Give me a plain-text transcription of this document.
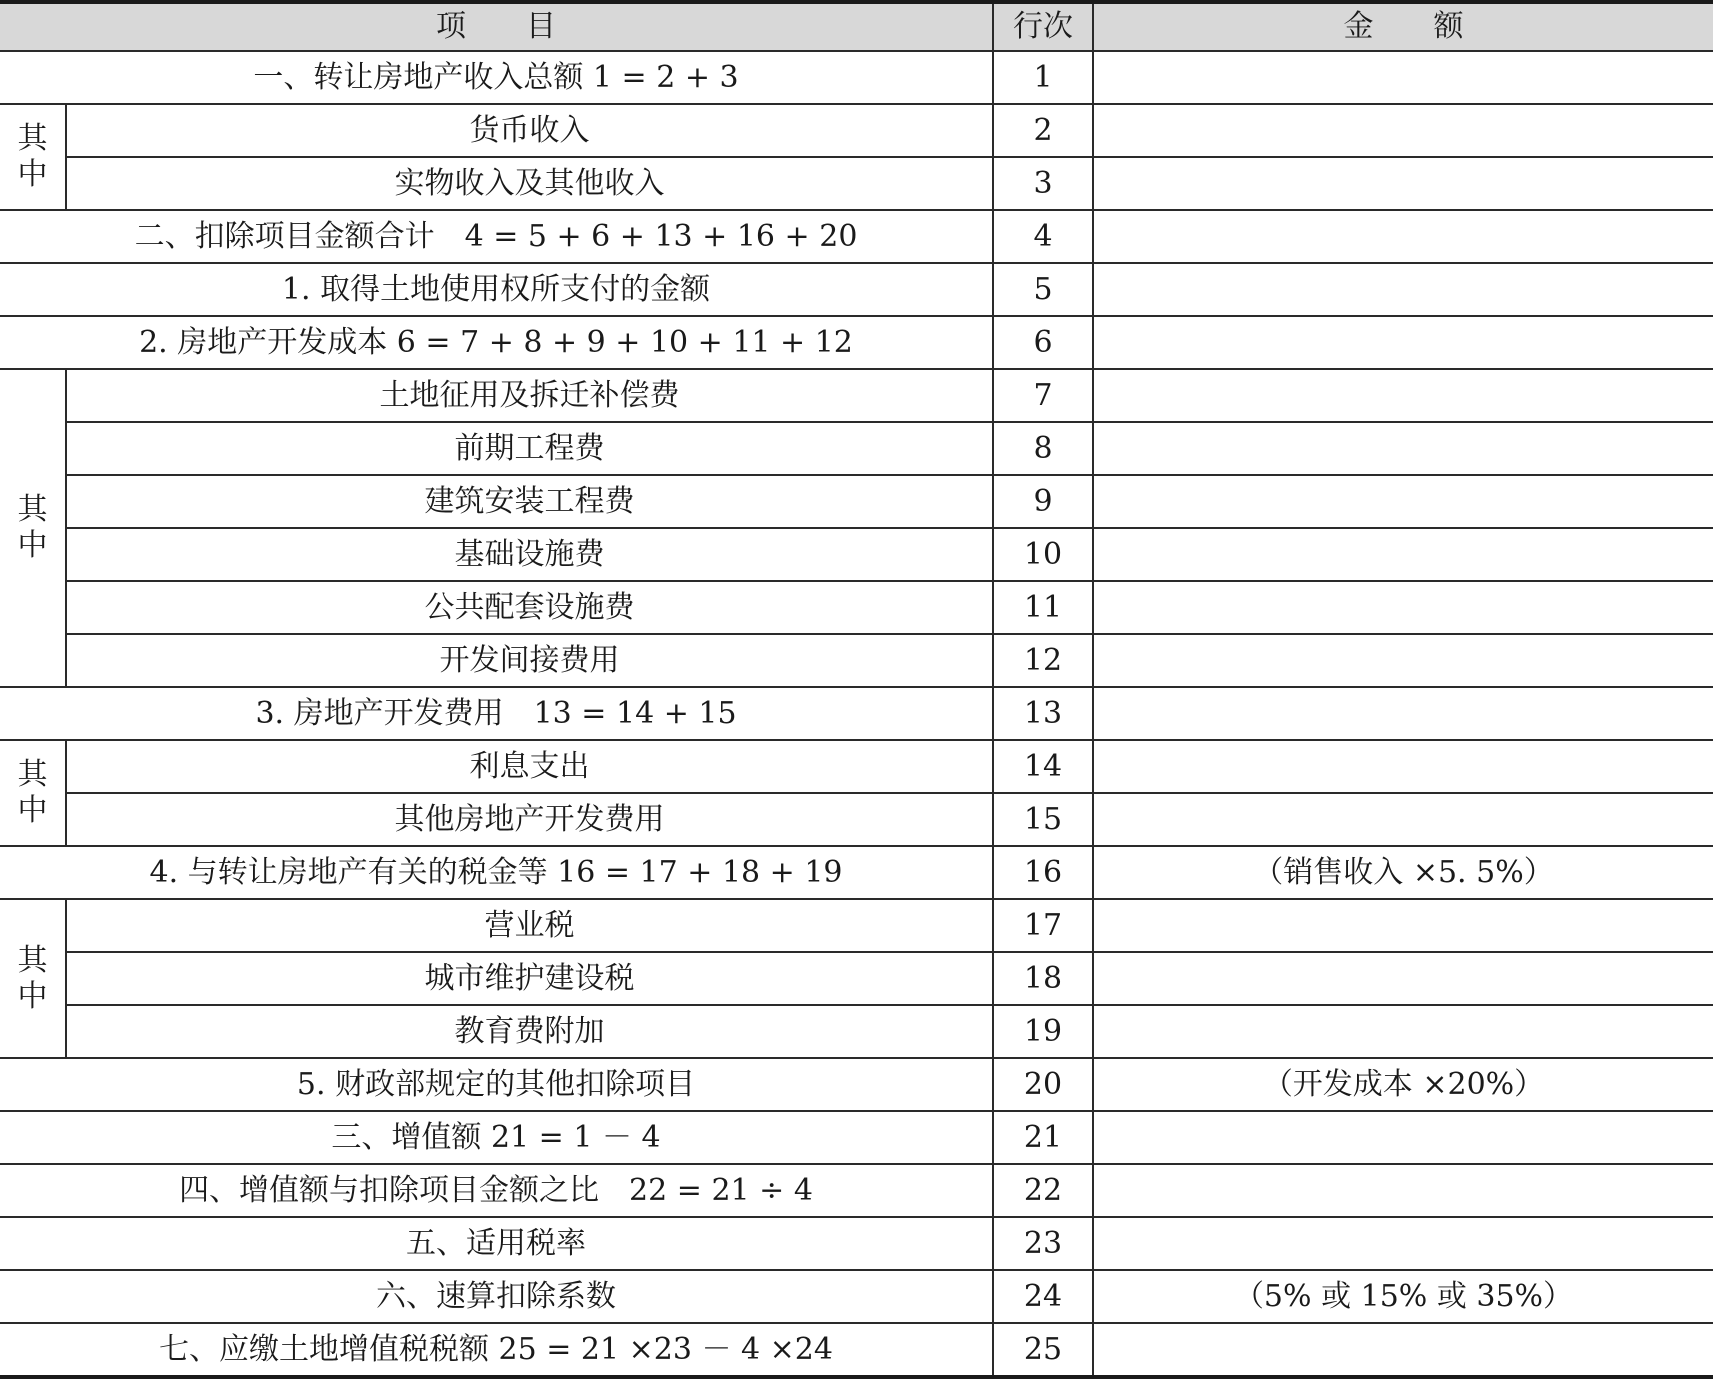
项　　目		行次	金　　额
一、转让房地产收入总额 1 = 2 + 3		1	

其
中	货币收入	2	
	实物收入及其他收入	3	
二、扣除项目金额合计　4 = 5 + 6 + 13 + 16 + 20		4	
1. 取得土地使用权所支付的金额		5	
2. 房地产开发成本 6 = 7 + 8 + 9 + 10 + 11 + 12		6	

其
中	土地征用及拆迁补偿费	7	
	前期工程费	8	
	建筑安装工程费	9	
	基础设施费	10	
	公共配套设施费	11	
	开发间接费用	12	
3. 房地产开发费用　13 = 14 + 15		13	

其
中	利息支出	14	
	其他房地产开发费用	15	
4. 与转让房地产有关的税金等 16 = 17 + 18 + 19		16	（销售收入 ×5. 5%）

其
中	营业税	17	
	城市维护建设税	18	
	教育费附加	19	
5. 财政部规定的其他扣除项目		20	（开发成本 ×20%）
三、增值额 21 = 1 － 4		21	
四、增值额与扣除项目金额之比　22 = 21 ÷ 4		22	
五、适用税率		23	
六、速算扣除系数		24	（5% 或 15% 或 35%）
七、应缴土地增值税税额 25 = 21 ×23 － 4 ×24		25	
